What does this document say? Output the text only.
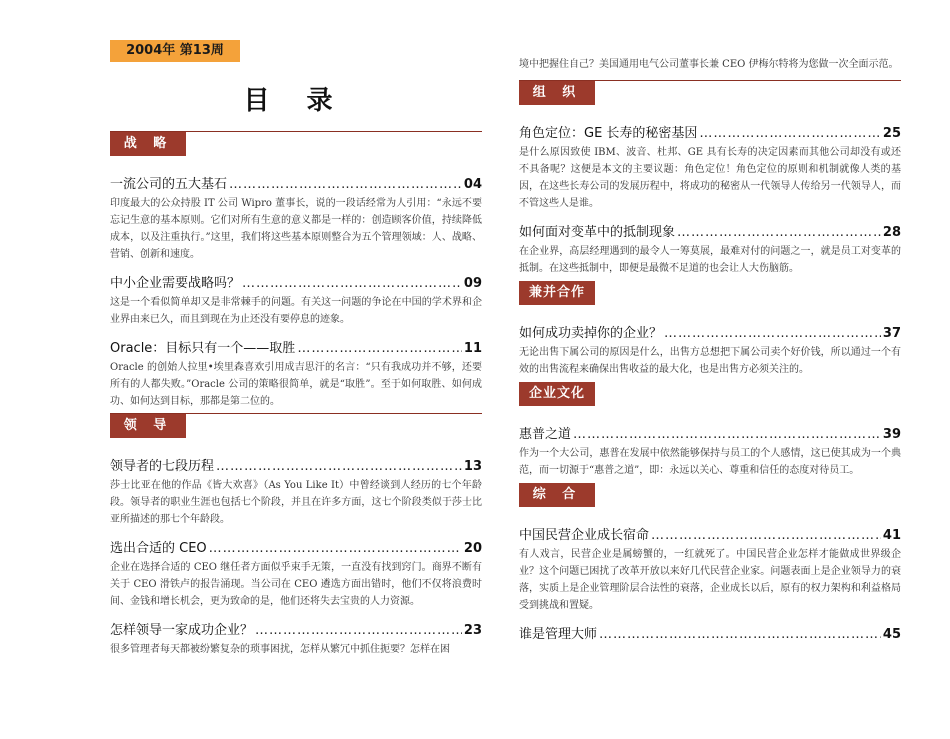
2004年 第13周
目 录
战 略
一流公司的五大基石 …………………………………………………………………………………………………………………………	04
印度最大的公众持股 IT 公司 Wipro 董事长，说的一段话经常为人引用：“永远不要忘记生意的基本原则。它们对所有生意的意义都是一样的：创造顾客价值，持续降低成本，以及注重执行。”这里，我们将这些基本原则整合为五个管理领域：人、战略、营销、创新和速度。
中小企业需要战略吗？ …………………………………………………………………………………………………………………………	09
这是一个看似简单却又是非常棘手的问题。有关这一问题的争论在中国的学术界和企业界由来已久，而且到现在为止还没有要停息的迹象。
Oracle：目标只有一个——取胜 …………………………………………………………………………………………………………………………	11
Oracle 的创始人拉里•埃里森喜欢引用成吉思汗的名言：“只有我成功并不够，还要所有的人都失败。”Oracle 公司的策略很简单，就是“取胜”。至于如何取胜、如何成功、如何达到目标，那都是第二位的。
领 导
领导者的七段历程 …………………………………………………………………………………………………………………………	13
莎士比亚在他的作品《皆大欢喜》（As You Like It）中曾经谈到人经历的七个年龄段。领导者的职业生涯也包括七个阶段，并且在许多方面，这七个阶段类似于莎士比亚所描述的那七个年龄段。
选出合适的 CEO …………………………………………………………………………………………………………………………	20
企业在选择合适的 CEO 继任者方面似乎束手无策，一直没有找到窍门。商界不断有关于 CEO 滑铁卢的报告涌现。当公司在 CEO 遴选方面出错时，他们不仅将浪费时间、金钱和增长机会，更为致命的是，他们还将失去宝贵的人力资源。
怎样领导一家成功企业？ …………………………………………………………………………………………………………………………	23
很多管理者每天都被纷繁复杂的琐事困扰，怎样从繁冗中抓住扼要？怎样在困
境中把握住自己？美国通用电气公司董事长兼 CEO 伊梅尔特将为您做一次全面示范。
组 织
角色定位：GE 长寿的秘密基因 …………………………………………………………………………………………………………………………	25
是什么原因致使 IBM、波音、杜邦、GE 具有长寿的决定因素而其他公司却没有或还不具备呢？这便是本文的主要议题：角色定位！角色定位的原则和机制就像人类的基因，在这些长寿公司的发展历程中，将成功的秘密从一代领导人传给另一代领导人，而不管这些人是谁。
如何面对变革中的抵制现象 …………………………………………………………………………………………………………………………	28
在企业界，高层经理遇到的最令人一筹莫展，最难对付的问题之一，就是员工对变革的抵制。在这些抵制中，即便是最微不足道的也会让人大伤脑筋。
兼并合作
如何成功卖掉你的企业？ …………………………………………………………………………………………………………………………	37
无论出售下属公司的原因是什么，出售方总想把下属公司卖个好价钱，所以通过一个有效的出售流程来确保出售收益的最大化，也是出售方必须关注的。
企业文化
惠普之道 …………………………………………………………………………………………………………………………	39
作为一个大公司，惠普在发展中依然能够保持与员工的个人感情，这已使其成为一个典范，而一切源于“惠普之道”，即：永远以关心、尊重和信任的态度对待员工。
综 合
中国民营企业成长宿命 …………………………………………………………………………………………………………………………	41
有人戏言，民营企业是属螃蟹的，一红就死了。中国民营企业怎样才能做成世界级企业？这个问题已困扰了改革开放以来好几代民营企业家。问题表面上是企业领导力的衰落，实质上是企业管理阶层合法性的衰落，企业成长以后，原有的权力架构和利益格局受到挑战和置疑。
谁是管理大师 …………………………………………………………………………………………………………………………	45
